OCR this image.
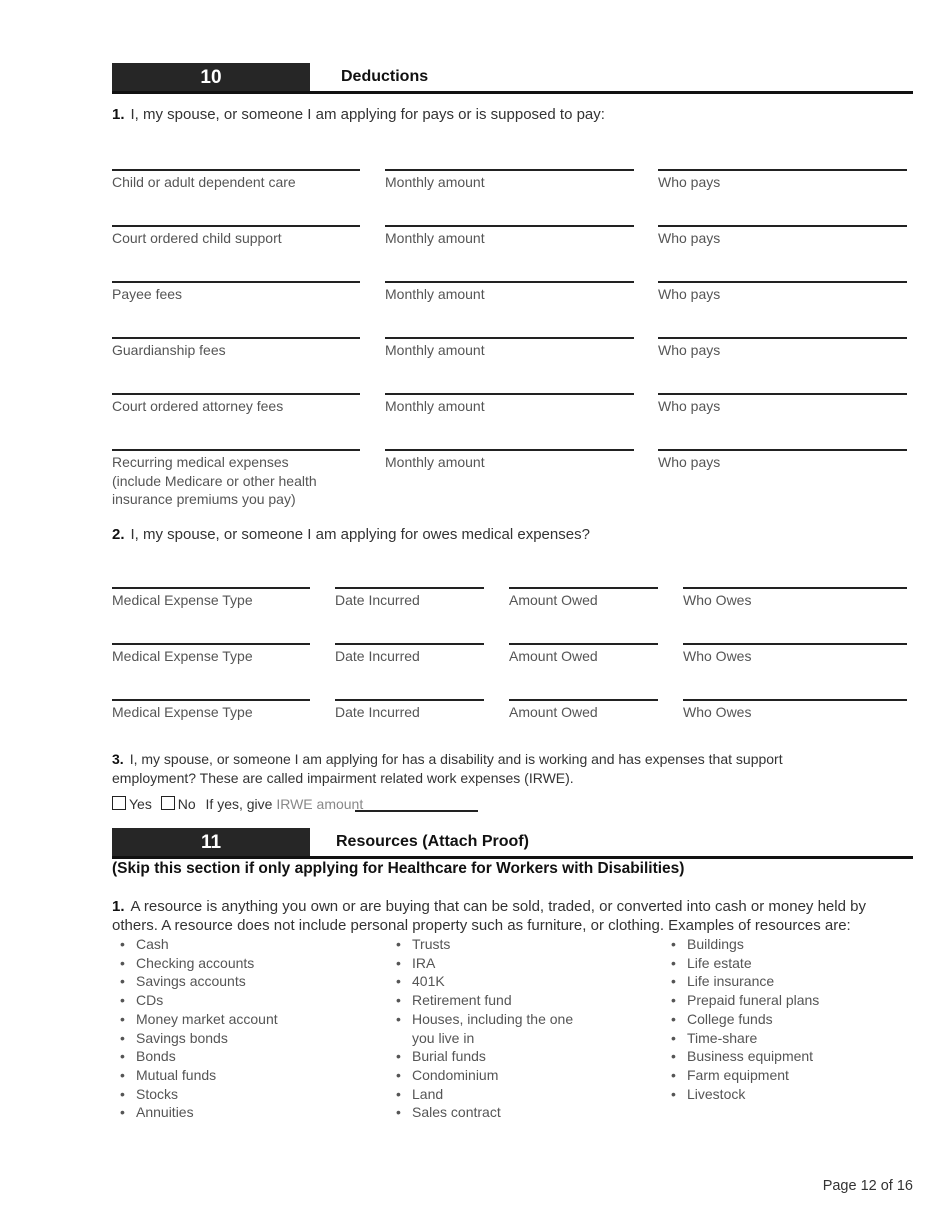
10	Deductions
1. I, my spouse, or someone I am applying for pays or is supposed to pay:
Child or adult dependent care	Monthly amount	Who pays
Court ordered child support	Monthly amount	Who pays
Payee fees	Monthly amount	Who pays
Guardianship fees	Monthly amount	Who pays
Court ordered attorney fees	Monthly amount	Who pays
Recurring medical expenses
(include Medicare or other health
insurance premiums you pay)
Monthly amount	Who pays
2. I, my spouse, or someone I am applying for owes medical expenses?
Medical Expense Type	Date Incurred	Amount Owed	Who Owes
Medical Expense Type	Date Incurred	Amount Owed	Who Owes
Medical Expense Type	Date Incurred	Amount Owed	Who Owes
3. I, my spouse, or someone I am applying for has a disability and is working and has expenses that support
employment? These are called impairment related work expenses (IRWE).
Yes No If yes, give IRWE amount
11	Resources (Attach Proof)
(Skip this section if only applying for Healthcare for Workers with Disabilities)
1. A resource is anything you own or are buying that can be sold, traded, or converted into cash or money held by
others. A resource does not include personal property such as furniture, or clothing. Examples of resources are:
• Cash
• Checking accounts
• Savings accounts
• CDs
• Money market account
• Savings bonds
• Bonds
• Mutual funds
• Stocks
• Annuities
• Trusts
• IRA
• 401K
• Retirement fund
• Houses, including the one
you live in
• Burial funds
• Condominium
• Land
• Sales contract
• Buildings
• Life estate
• Life insurance
• Prepaid funeral plans
• College funds
• Time-share
• Business equipment
• Farm equipment
• Livestock
Page 12 of 16
